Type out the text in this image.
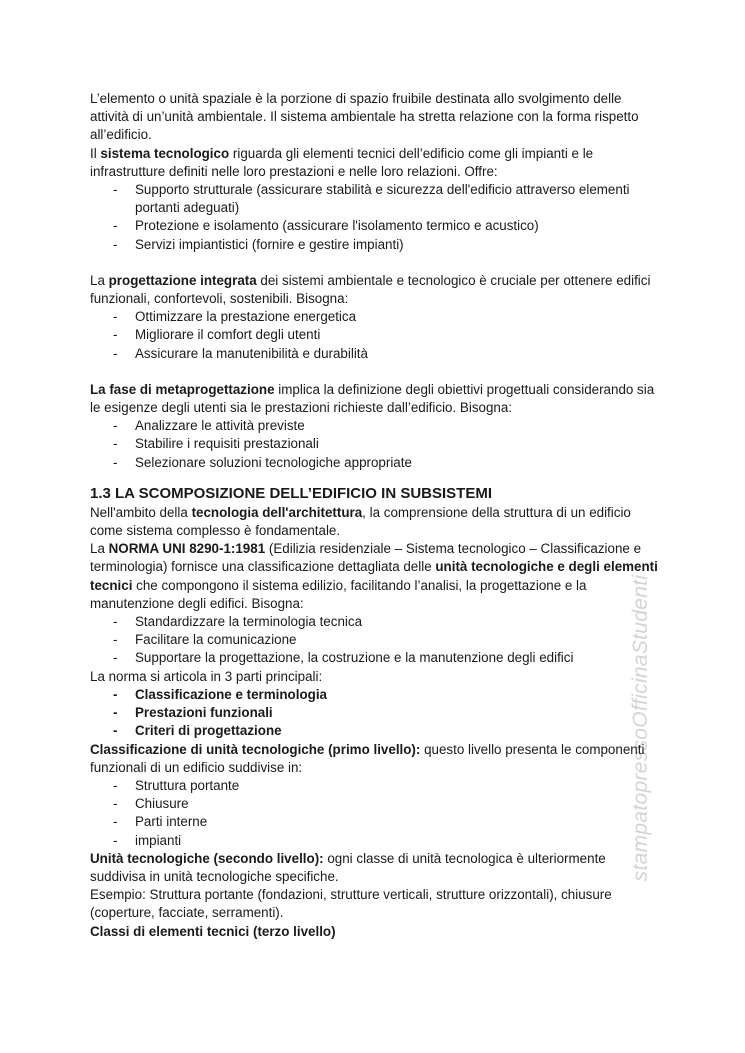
stampatopressoOfficinaStudenti

L’elemento o unità spaziale è la porzione di spazio fruibile destinata allo svolgimento delle attività di un’unità ambientale. Il sistema ambientale ha stretta relazione con la forma rispetto all’edificio.

Il sistema tecnologico riguarda gli elementi tecnici dell’edificio come gli impianti e le infrastrutture definiti nelle loro prestazioni e nelle loro relazioni. Offre:

- Supporto strutturale (assicurare stabilità e sicurezza dell'edificio attraverso elementi portanti adeguati)
- Protezione e isolamento (assicurare l'isolamento termico e acustico)
- Servizi impiantistici (fornire e gestire impianti)

La progettazione integrata dei sistemi ambientale e tecnologico è cruciale per ottenere edifici funzionali, confortevoli, sostenibili. Bisogna:

- Ottimizzare la prestazione energetica
- Migliorare il comfort degli utenti
- Assicurare la manutenibilità e durabilità

La fase di metaprogettazione implica la definizione degli obiettivi progettuali considerando sia le esigenze degli utenti sia le prestazioni richieste dall’edificio. Bisogna:

- Analizzare le attività previste
- Stabilire i requisiti prestazionali
- Selezionare soluzioni tecnologiche appropriate
1.3 LA SCOMPOSIZIONE DELL’EDIFICIO IN SUBSISTEMI

Nell'ambito della tecnologia dell'architettura, la comprensione della struttura di un edificio come sistema complesso è fondamentale.

La NORMA UNI 8290-1:1981 (Edilizia residenziale – Sistema tecnologico – Classificazione e terminologia) fornisce una classificazione dettagliata delle unità tecnologiche e degli elementi tecnici che compongono il sistema edilizio, facilitando l’analisi, la progettazione e la manutenzione degli edifici. Bisogna:

- Standardizzare la terminologia tecnica
- Facilitare la comunicazione
- Supportare la progettazione, la costruzione e la manutenzione degli edifici

La norma si articola in 3 parti principali:

- Classificazione e terminologia
- Prestazioni funzionali
- Criteri di progettazione

Classificazione di unità tecnologiche (primo livello): questo livello presenta le componenti funzionali di un edificio suddivise in:

- Struttura portante
- Chiusure
- Parti interne
- impianti

Unità tecnologiche (secondo livello): ogni classe di unità tecnologica è ulteriormente suddivisa in unità tecnologiche specifiche.

Esempio: Struttura portante (fondazioni, strutture verticali, strutture orizzontali), chiusure (coperture, facciate, serramenti).

Classi di elementi tecnici (terzo livello)
